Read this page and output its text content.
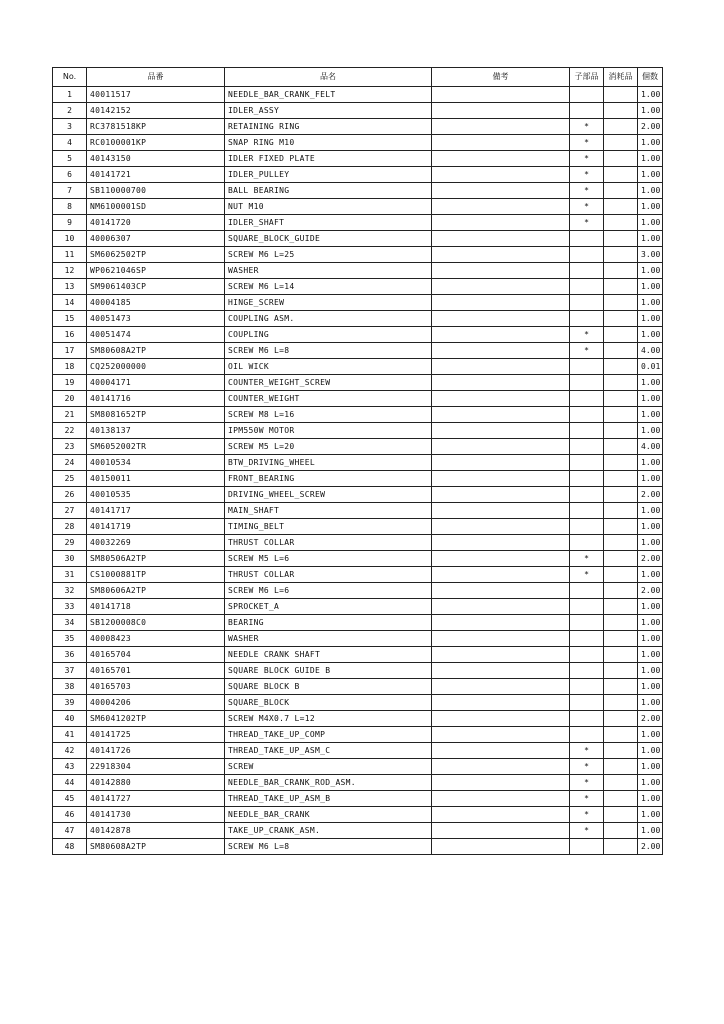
No.	品番	品名	備考	子部品	消耗品	個数
1	40011517	NEEDLE_BAR_CRANK_FELT				1.00
2	40142152	IDLER_ASSY				1.00
3	RC3781518KP	RETAINING RING		*		2.00
4	RC0100001KP	SNAP RING M10		*		1.00
5	40143150	IDLER FIXED PLATE		*		1.00
6	40141721	IDLER_PULLEY		*		1.00
7	SB110000700	BALL BEARING		*		1.00
8	NM6100001SD	NUT M10		*		1.00
9	40141720	IDLER_SHAFT		*		1.00
10	40006307	SQUARE_BLOCK_GUIDE				1.00
11	SM6062502TP	SCREW M6 L=25				3.00
12	WP0621046SP	WASHER				1.00
13	SM9061403CP	SCREW M6 L=14				1.00
14	40004185	HINGE_SCREW				1.00
15	40051473	COUPLING ASM.				1.00
16	40051474	COUPLING		*		1.00
17	SM80608A2TP	SCREW M6 L=8		*		4.00
18	CQ252000000	OIL WICK				0.01
19	40004171	COUNTER_WEIGHT_SCREW				1.00
20	40141716	COUNTER_WEIGHT				1.00
21	SM8081652TP	SCREW M8 L=16				1.00
22	40138137	IPM550W MOTOR				1.00
23	SM6052002TR	SCREW M5 L=20				4.00
24	40010534	BTW_DRIVING_WHEEL				1.00
25	40150011	FRONT_BEARING				1.00
26	40010535	DRIVING_WHEEL_SCREW				2.00
27	40141717	MAIN_SHAFT				1.00
28	40141719	TIMING_BELT				1.00
29	40032269	THRUST COLLAR				1.00
30	SM80506A2TP	SCREW M5 L=6		*		2.00
31	CS1000881TP	THRUST COLLAR		*		1.00
32	SM80606A2TP	SCREW M6 L=6				2.00
33	40141718	SPROCKET_A				1.00
34	SB1200008C0	BEARING				1.00
35	40008423	WASHER				1.00
36	40165704	NEEDLE CRANK SHAFT				1.00
37	40165701	SQUARE BLOCK GUIDE B				1.00
38	40165703	SQUARE BLOCK B				1.00
39	40004206	SQUARE_BLOCK				1.00
40	SM6041202TP	SCREW M4X0.7 L=12				2.00
41	40141725	THREAD_TAKE_UP_COMP				1.00
42	40141726	THREAD_TAKE_UP_ASM_C		*		1.00
43	22918304	SCREW		*		1.00
44	40142880	NEEDLE_BAR_CRANK_ROD_ASM.		*		1.00
45	40141727	THREAD_TAKE_UP_ASM_B		*		1.00
46	40141730	NEEDLE_BAR_CRANK		*		1.00
47	40142878	TAKE_UP_CRANK_ASM.		*		1.00
48	SM80608A2TP	SCREW M6 L=8				2.00
